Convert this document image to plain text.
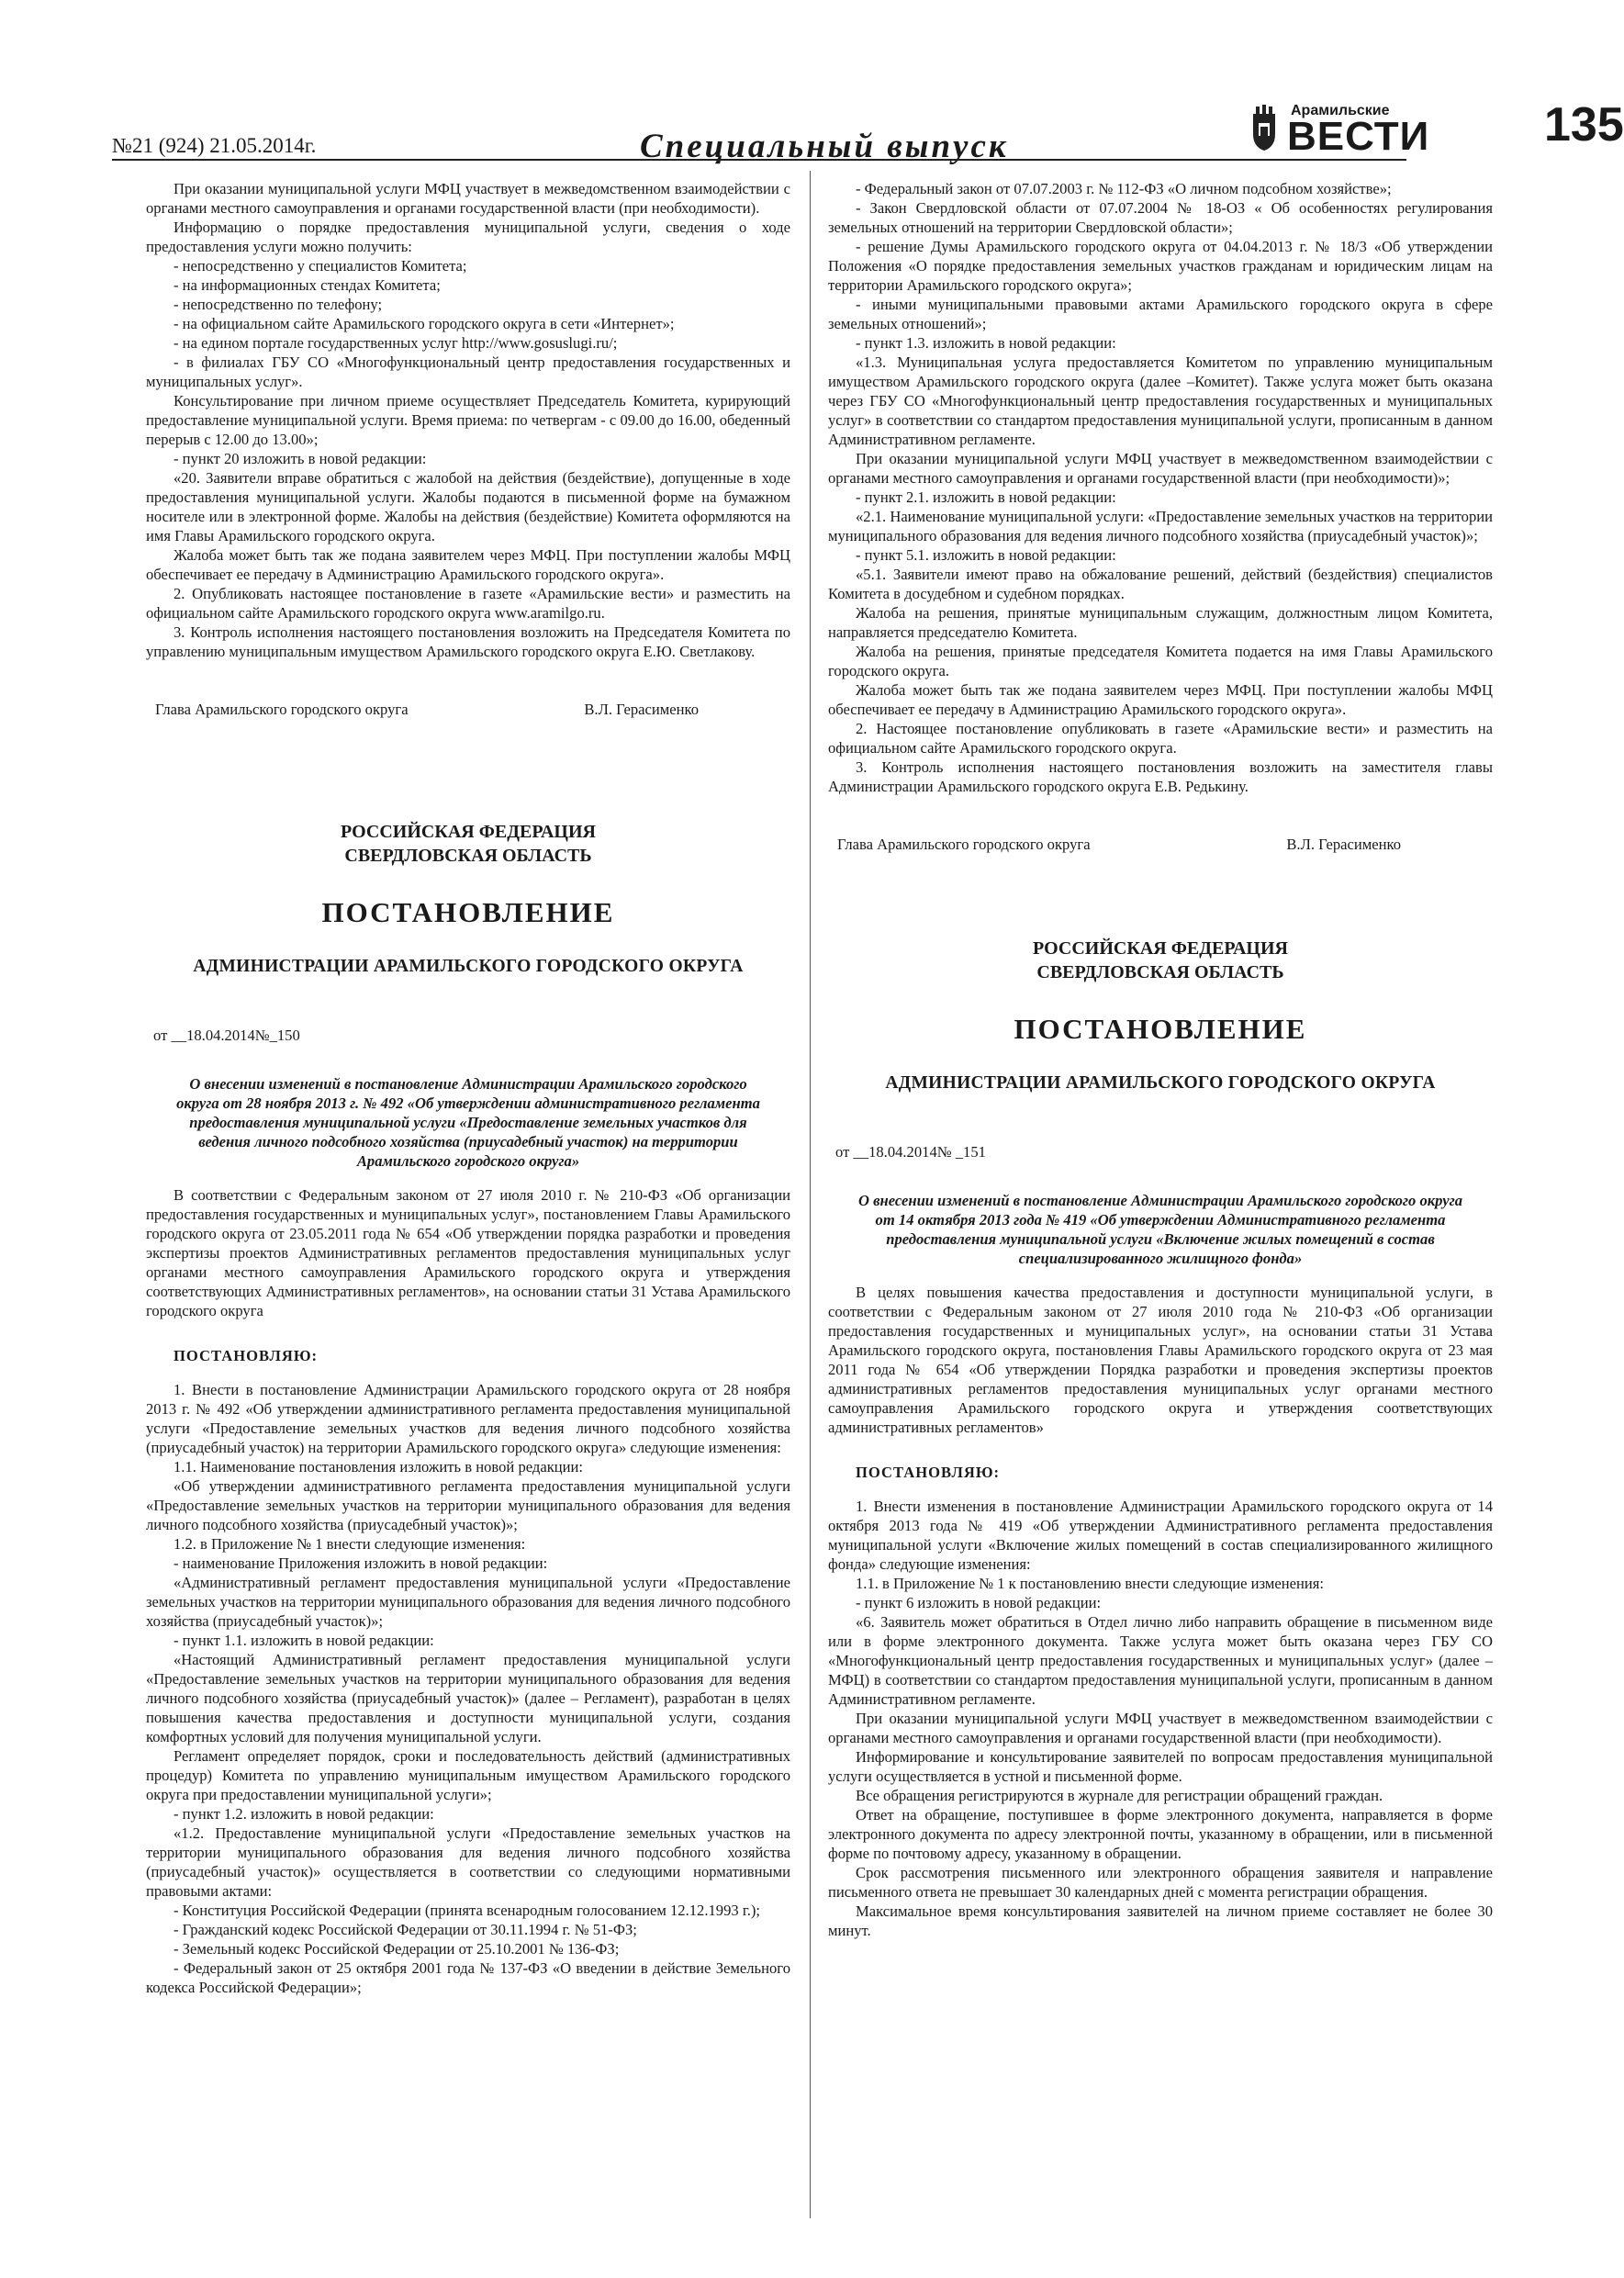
№21 (924) 21.05.2014г.	Специальный выпуск
Арамильские
ВЕСТИ 135

При оказании муниципальной услуги МФЦ участвует в межведомственном взаимодействии с органами местного самоуправления и органами государственной власти (при необходимости).

Информацию о порядке предоставления муниципальной услуги, сведения о ходе предоставления услуги можно получить:

- непосредственно у специалистов Комитета;

- на информационных стендах Комитета;

- непосредственно по телефону;

- на официальном сайте Арамильского городского округа в сети «Интернет»;

- на едином портале государственных услуг http://www.gosuslugi.ru/;

- в филиалах ГБУ СО «Многофункциональный центр предоставления государственных и муниципальных услуг».

Консультирование при личном приеме осуществляет Председатель Комитета, курирующий предоставление муниципальной услуги. Время приема: по четвергам - с 09.00 до 16.00, обеденный перерыв с 12.00 до 13.00»;

- пункт 20 изложить в новой редакции:

«20. Заявители вправе обратиться с жалобой на действия (бездействие), допущенные в ходе предоставления муниципальной услуги. Жалобы подаются в письменной форме на бумажном носителе или в электронной форме. Жалобы на действия (бездействие) Комитета оформляются на имя Главы Арамильского городского округа.

Жалоба может быть так же подана заявителем через МФЦ. При поступлении жалобы МФЦ обеспечивает ее передачу в Администрацию Арамильского городского округа».

2. Опубликовать настоящее постановление в газете «Арамильские вести» и разместить на официальном сайте Арамильского городского округа www.aramilgo.ru.

3. Контроль исполнения настоящего постановления возложить на Председателя Комитета по управлению муниципальным имуществом Арамильского городского округа Е.Ю. Светлакову.

Глава Арамильского городского округа	В.Л. Герасименко
РОССИЙСКАЯ ФЕДЕРАЦИЯ
СВЕРДЛОВСКАЯ ОБЛАСТЬ
ПОСТАНОВЛЕНИЕ
АДМИНИСТРАЦИИ АРАМИЛЬСКОГО ГОРОДСКОГО ОКРУГА
от __18.04.2014№_150
О внесении изменений в постановление Администрации Арамильского городского округа от 28 ноября 2013 г. № 492 «Об утверждении административного регламента предоставления муниципальной услуги «Предоставление земельных участков для ведения личного подсобного хозяйства (приусадебный участок) на территории Арамильского городского округа»

В соответствии с Федеральным законом от 27 июля 2010 г. № 210-ФЗ «Об организации предоставления государственных и муниципальных услуг», постановлением Главы Арамильского городского округа от 23.05.2011 года № 654 «Об утверждении порядка разработки и проведения экспертизы проектов Административных регламентов предоставления муниципальных услуг органами местного самоуправления Арамильского городского округа и утверждения соответствующих Административных регламентов», на основании статьи 31 Устава Арамильского городского округа

ПОСТАНОВЛЯЮ:

1. Внести в постановление Администрации Арамильского городского округа от 28 ноября 2013 г. № 492 «Об утверждении административного регламента предоставления муниципальной услуги «Предоставление земельных участков для ведения личного подсобного хозяйства (приусадебный участок) на территории Арамильского городского округа» следующие изменения:

1.1. Наименование постановления изложить в новой редакции:

«Об утверждении административного регламента предоставления муниципальной услуги «Предоставление земельных участков на территории муниципального образования для ведения личного подсобного хозяйства (приусадебный участок)»;

1.2. в Приложение № 1 внести следующие изменения:

- наименование Приложения изложить в новой редакции:

«Административный регламент предоставления муниципальной услуги «Предоставление земельных участков на территории муниципального образования для ведения личного подсобного хозяйства (приусадебный участок)»;

- пункт 1.1. изложить в новой редакции:

«Настоящий Административный регламент предоставления муниципальной услуги «Предоставление земельных участков на территории муниципального образования для ведения личного подсобного хозяйства (приусадебный участок)» (далее – Регламент), разработан в целях повышения качества предоставления и доступности муниципальной услуги, создания комфортных условий для получения муниципальной услуги.

Регламент определяет порядок, сроки и последовательность действий (административных процедур) Комитета по управлению муниципальным имуществом Арамильского городского округа при предоставлении муниципальной услуги»;

- пункт 1.2. изложить в новой редакции:

«1.2. Предоставление муниципальной услуги «Предоставление земельных участков на территории муниципального образования для ведения личного подсобного хозяйства (приусадебный участок)» осуществляется в соответствии со следующими нормативными правовыми актами:

- Конституция Российской Федерации (принята всенародным голосованием 12.12.1993 г.);

- Гражданский кодекс Российской Федерации от 30.11.1994 г. № 51-ФЗ;

- Земельный кодекс Российской Федерации от 25.10.2001 № 136-ФЗ;

- Федеральный закон от 25 октября 2001 года № 137-ФЗ «О введении в действие Земельного кодекса Российской Федерации»;

- Федеральный закон от 07.07.2003 г. № 112-ФЗ «О личном подсобном хозяйстве»;

- Закон Свердловской области от 07.07.2004 № 18-ОЗ « Об особенностях регулирования земельных отношений на территории Свердловской области»;

- решение Думы Арамильского городского округа от 04.04.2013 г. № 18/3 «Об утверждении Положения «О порядке предоставления земельных участков гражданам и юридическим лицам на территории Арамильского городского округа»;

- иными муниципальными правовыми актами Арамильского городского округа в сфере земельных отношений»;

- пункт 1.3. изложить в новой редакции:

«1.3. Муниципальная услуга предоставляется Комитетом по управлению муниципальным имуществом Арамильского городского округа (далее –Комитет). Также услуга может быть оказана через ГБУ СО «Многофункциональный центр предоставления государственных и муниципальных услуг» в соответствии со стандартом предоставления муниципальной услуги, прописанным в данном Административном регламенте.

При оказании муниципальной услуги МФЦ участвует в межведомственном взаимодействии с органами местного самоуправления и органами государственной власти (при необходимости)»;

- пункт 2.1. изложить в новой редакции:

«2.1. Наименование муниципальной услуги: «Предоставление земельных участков на территории муниципального образования для ведения личного подсобного хозяйства (приусадебный участок)»;

- пункт 5.1. изложить в новой редакции:

«5.1. Заявители имеют право на обжалование решений, действий (бездействия) специалистов Комитета в досудебном и судебном порядках.

Жалоба на решения, принятые муниципальным служащим, должностным лицом Комитета, направляется председателю Комитета.

Жалоба на решения, принятые председателя Комитета подается на имя Главы Арамильского городского округа.

Жалоба может быть так же подана заявителем через МФЦ. При поступлении жалобы МФЦ обеспечивает ее передачу в Администрацию Арамильского городского округа».

2. Настоящее постановление опубликовать в газете «Арамильские вести» и разместить на официальном сайте Арамильского городского округа.

3. Контроль исполнения настоящего постановления возложить на заместителя главы Администрации Арамильского городского округа Е.В. Редькину.

Глава Арамильского городского округа	В.Л. Герасименко
РОССИЙСКАЯ ФЕДЕРАЦИЯ
СВЕРДЛОВСКАЯ ОБЛАСТЬ
ПОСТАНОВЛЕНИЕ
АДМИНИСТРАЦИИ АРАМИЛЬСКОГО ГОРОДСКОГО ОКРУГА
от __18.04.2014№ _151
О внесении изменений в постановление Администрации Арамильского городского округа от 14 октября 2013 года № 419 «Об утверждении Административного регламента предоставления муниципальной услуги «Включение жилых помещений в состав специализированного жилищного фонда»

В целях повышения качества предоставления и доступности муниципальной услуги, в соответствии с Федеральным законом от 27 июля 2010 года № 210-ФЗ «Об организации предоставления государственных и муниципальных услуг», на основании статьи 31 Устава Арамильского городского округа, постановления Главы Арамильского городского округа от 23 мая 2011 года № 654 «Об утверждении Порядка разработки и проведения экспертизы проектов административных регламентов предоставления муниципальных услуг органами местного самоуправления Арамильского городского округа и утверждения соответствующих административных регламентов»

ПОСТАНОВЛЯЮ:

1. Внести изменения в постановление Администрации Арамильского городского округа от 14 октября 2013 года № 419 «Об утверждении Административного регламента предоставления муниципальной услуги «Включение жилых помещений в состав специализированного жилищного фонда» следующие изменения:

1.1. в Приложение № 1 к постановлению внести следующие изменения:

- пункт 6 изложить в новой редакции:

«6. Заявитель может обратиться в Отдел лично либо направить обращение в письменном виде или в форме электронного документа. Также услуга может быть оказана через ГБУ СО «Многофункциональный центр предоставления государственных и муниципальных услуг» (далее – МФЦ) в соответствии со стандартом предоставления муниципальной услуги, прописанным в данном Административном регламенте.

При оказании муниципальной услуги МФЦ участвует в межведомственном взаимодействии с органами местного самоуправления и органами государственной власти (при необходимости).

Информирование и консультирование заявителей по вопросам предоставления муниципальной услуги осуществляется в устной и письменной форме.

Все обращения регистрируются в журнале для регистрации обращений граждан.

Ответ на обращение, поступившее в форме электронного документа, направляется в форме электронного документа по адресу электронной почты, указанному в обращении, или в письменной форме по почтовому адресу, указанному в обращении.

Срок рассмотрения письменного или электронного обращения заявителя и направление письменного ответа не превышает 30 календарных дней с момента регистрации обращения.

Максимальное время консультирования заявителей на личном приеме составляет не более 30 минут.
